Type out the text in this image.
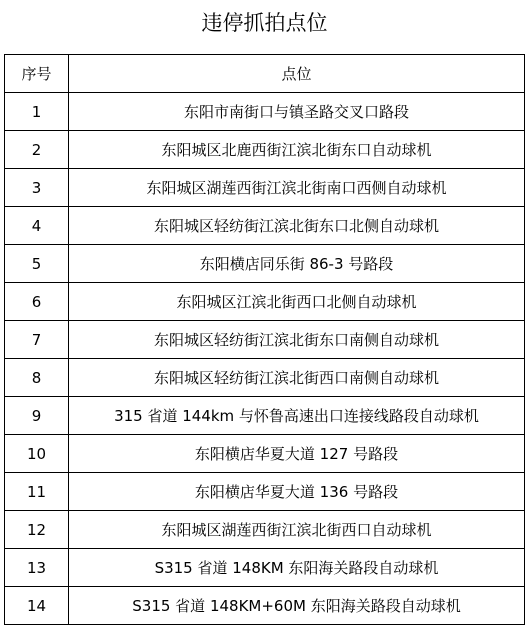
违停抓拍点位
序号	点位
1	东阳市南街口与镇圣路交叉口路段
2	东阳城区北鹿西街江滨北街东口自动球机
3	东阳城区湖莲西街江滨北街南口西侧自动球机
4	东阳城区轻纺街江滨北街东口北侧自动球机
5	东阳横店同乐街 86-3 号路段
6	东阳城区江滨北街西口北侧自动球机
7	东阳城区轻纺街江滨北街东口南侧自动球机
8	东阳城区轻纺街江滨北街西口南侧自动球机
9	315 省道 144km 与怀鲁高速出口连接线路段自动球机
10	东阳横店华夏大道 127 号路段
11	东阳横店华夏大道 136 号路段
12	东阳城区湖莲西街江滨北街西口自动球机
13	S315 省道 148KM 东阳海关路段自动球机
14	S315 省道 148KM+60M 东阳海关路段自动球机
